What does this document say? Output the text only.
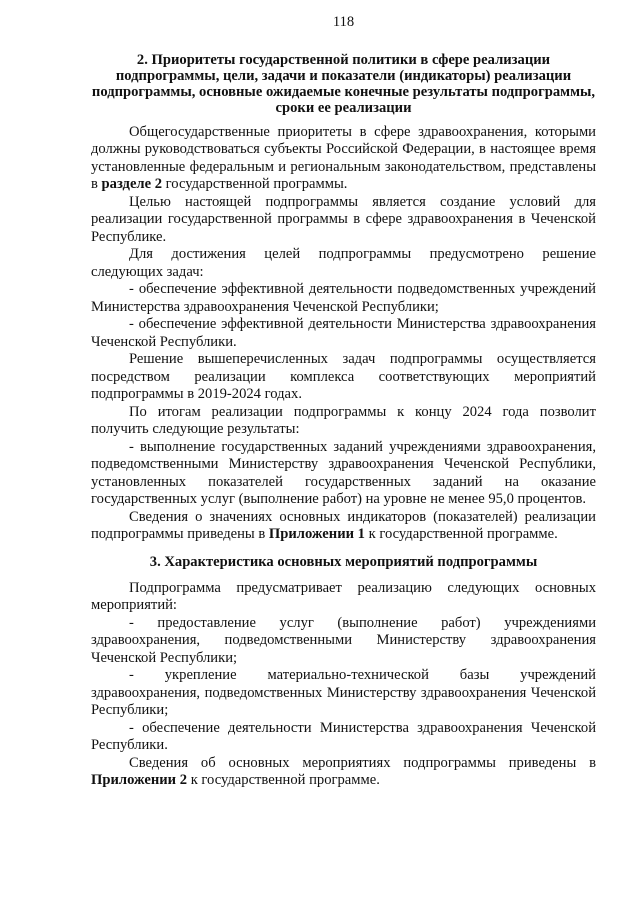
118
2. Приоритеты государственной политики в сфере реализации подпрограммы, цели, задачи и показатели (индикаторы) реализации подпрограммы, основные ожидаемые конечные результаты подпрограммы, сроки ее реализации

Общегосударственные приоритеты в сфере здравоохранения, которыми должны руководствоваться субъекты Российской Федерации, в настоящее время установленные федеральным и региональным законодательством, представлены в разделе 2 государственной программы.

Целью настоящей подпрограммы является создание условий для реализации государственной программы в сфере здравоохранения в Чеченской Республике.

Для достижения целей подпрограммы предусмотрено решение следующих задач:

- обеспечение эффективной деятельности подведомственных учреждений Министерства здравоохранения Чеченской Республики;

- обеспечение эффективной деятельности Министерства здравоохранения Чеченской Республики.

Решение вышеперечисленных задач подпрограммы осуществляется посредством реализации комплекса соответствующих мероприятий подпрограммы в 2019-2024 годах.

По итогам реализации подпрограммы к концу 2024 года позволит получить следующие результаты:

- выполнение государственных заданий учреждениями здравоохранения, подведомственными Министерству здравоохранения Чеченской Республики, установленных показателей государственных заданий на оказание государственных услуг (выполнение работ) на уровне не менее 95,0 процентов.

Сведения о значениях основных индикаторов (показателей) реализации подпрограммы приведены в Приложении 1 к государственной программе.

3. Характеристика основных мероприятий подпрограммы

Подпрограмма предусматривает реализацию следующих основных мероприятий:

- предоставление услуг (выполнение работ) учреждениями здравоохранения, подведомственными Министерству здравоохранения Чеченской Республики;

- укрепление материально-технической базы учреждений здравоохранения, подведомственных Министерству здравоохранения Чеченской Республики;

- обеспечение деятельности Министерства здравоохранения Чеченской Республики.

Сведения об основных мероприятиях подпрограммы приведены в Приложении 2 к государственной программе.
